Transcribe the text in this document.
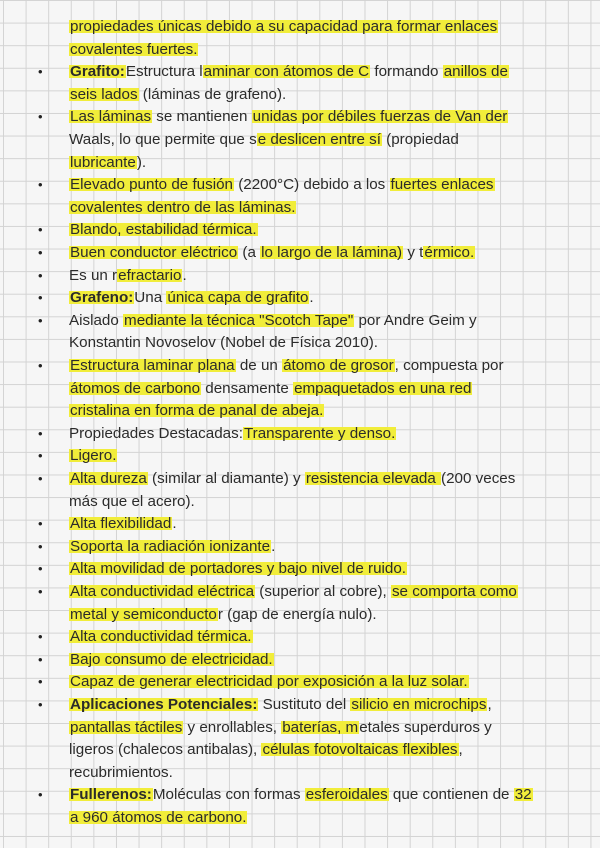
propiedades únicas debido a su capacidad para formar enlaces
covalentes fuertes.
• Grafito:Estructura laminar con átomos de C formando anillos de
seis lados (láminas de grafeno).
• Las láminas se mantienen unidas por débiles fuerzas de Van der
Waals, lo que permite que se deslicen entre sí (propiedad
lubricante).
• Elevado punto de fusión (2200°C) debido a los fuertes enlaces
covalentes dentro de las láminas.
• Blando, estabilidad térmica.
• Buen conductor eléctrico (a lo largo de la lámina) y térmico.
• Es un refractario.
• Grafeno:Una única capa de grafito.
• Aislado mediante la técnica "Scotch Tape" por Andre Geim y
Konstantin Novoselov (Nobel de Física 2010).
• Estructura laminar plana de un átomo de grosor, compuesta por
átomos de carbono densamente empaquetados en una red
cristalina en forma de panal de abeja.
• Propiedades Destacadas:Transparente y denso.
• Ligero.
• Alta dureza (similar al diamante) y resistencia elevada (200 veces
más que el acero).
• Alta flexibilidad.
• Soporta la radiación ionizante.
• Alta movilidad de portadores y bajo nivel de ruido.
• Alta conductividad eléctrica (superior al cobre), se comporta como
metal y semiconductor (gap de energía nulo).
• Alta conductividad térmica.
• Bajo consumo de electricidad.
• Capaz de generar electricidad por exposición a la luz solar.
• Aplicaciones Potenciales: Sustituto del silicio en microchips,
pantallas táctiles y enrollables, baterías, metales superduros y
ligeros (chalecos antibalas), células fotovoltaicas flexibles,
recubrimientos.
• Fullerenos:Moléculas con formas esferoidales que contienen de 32
a 960 átomos de carbono.
